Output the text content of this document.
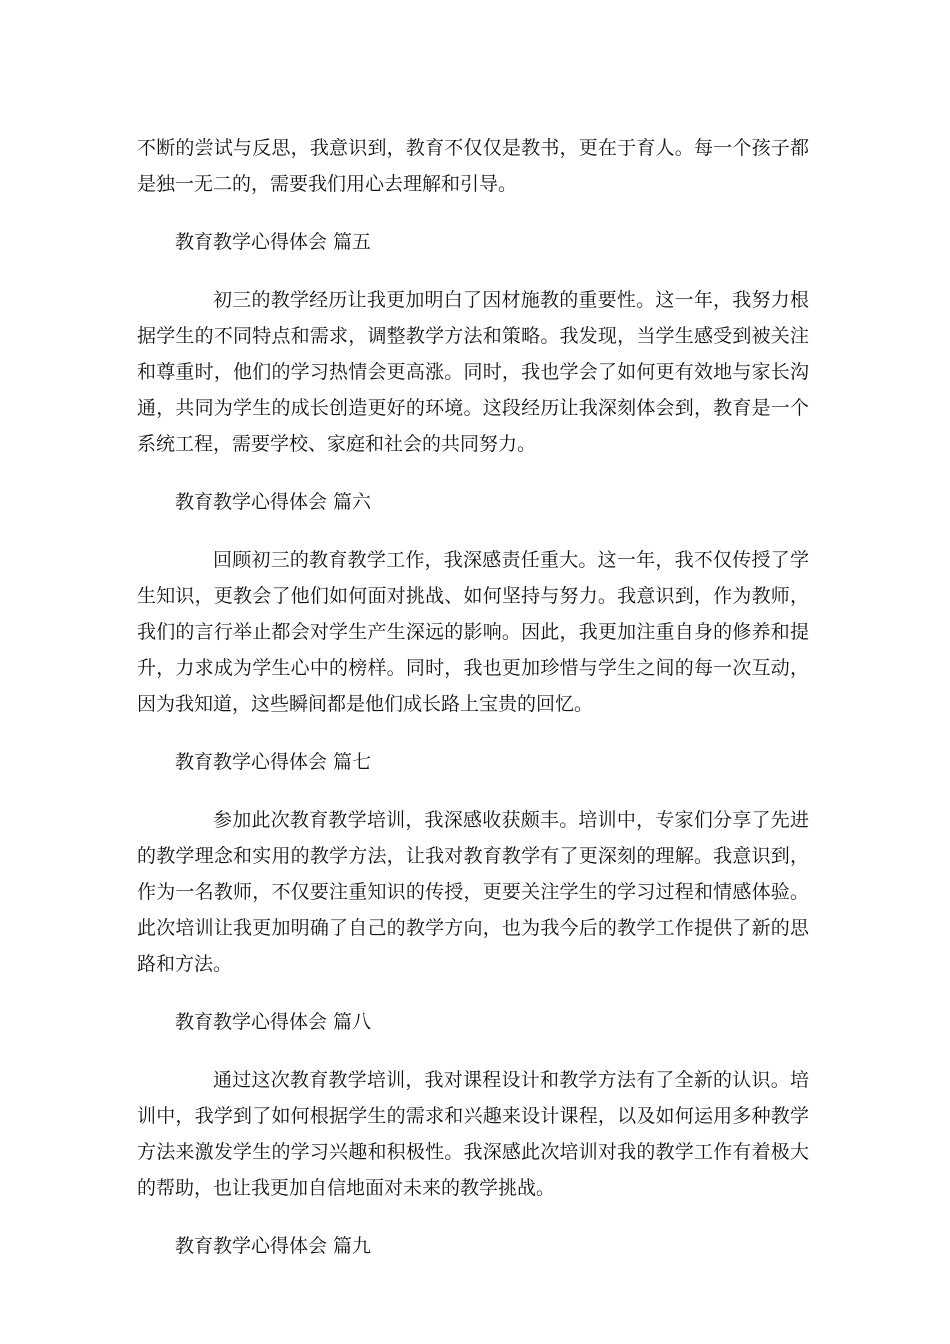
不断的尝试与反思，我意识到，教育不仅仅是教书，更在于育人。每一个孩子都是独一无二的，需要我们用心去理解和引导。

教育教学心得体会 篇五

初三的教学经历让我更加明白了因材施教的重要性。这一年，我努力根据学生的不同特点和需求，调整教学方法和策略。我发现，当学生感受到被关注和尊重时，他们的学习热情会更高涨。同时，我也学会了如何更有效地与家长沟通，共同为学生的成长创造更好的环境。这段经历让我深刻体会到，教育是一个系统工程，需要学校、家庭和社会的共同努力。

教育教学心得体会 篇六

回顾初三的教育教学工作，我深感责任重大。这一年，我不仅传授了学生知识，更教会了他们如何面对挑战、如何坚持与努力。我意识到，作为教师，我们的言行举止都会对学生产生深远的影响。因此，我更加注重自身的修养和提升，力求成为学生心中的榜样。同时，我也更加珍惜与学生之间的每一次互动，因为我知道，这些瞬间都是他们成长路上宝贵的回忆。

教育教学心得体会 篇七

参加此次教育教学培训，我深感收获颇丰。培训中，专家们分享了先进的教学理念和实用的教学方法，让我对教育教学有了更深刻的理解。我意识到，作为一名教师，不仅要注重知识的传授，更要关注学生的学习过程和情感体验。此次培训让我更加明确了自己的教学方向，也为我今后的教学工作提供了新的思路和方法。

教育教学心得体会 篇八

通过这次教育教学培训，我对课程设计和教学方法有了全新的认识。培训中，我学到了如何根据学生的需求和兴趣来设计课程，以及如何运用多种教学方法来激发学生的学习兴趣和积极性。我深感此次培训对我的教学工作有着极大的帮助，也让我更加自信地面对未来的教学挑战。

教育教学心得体会 篇九
